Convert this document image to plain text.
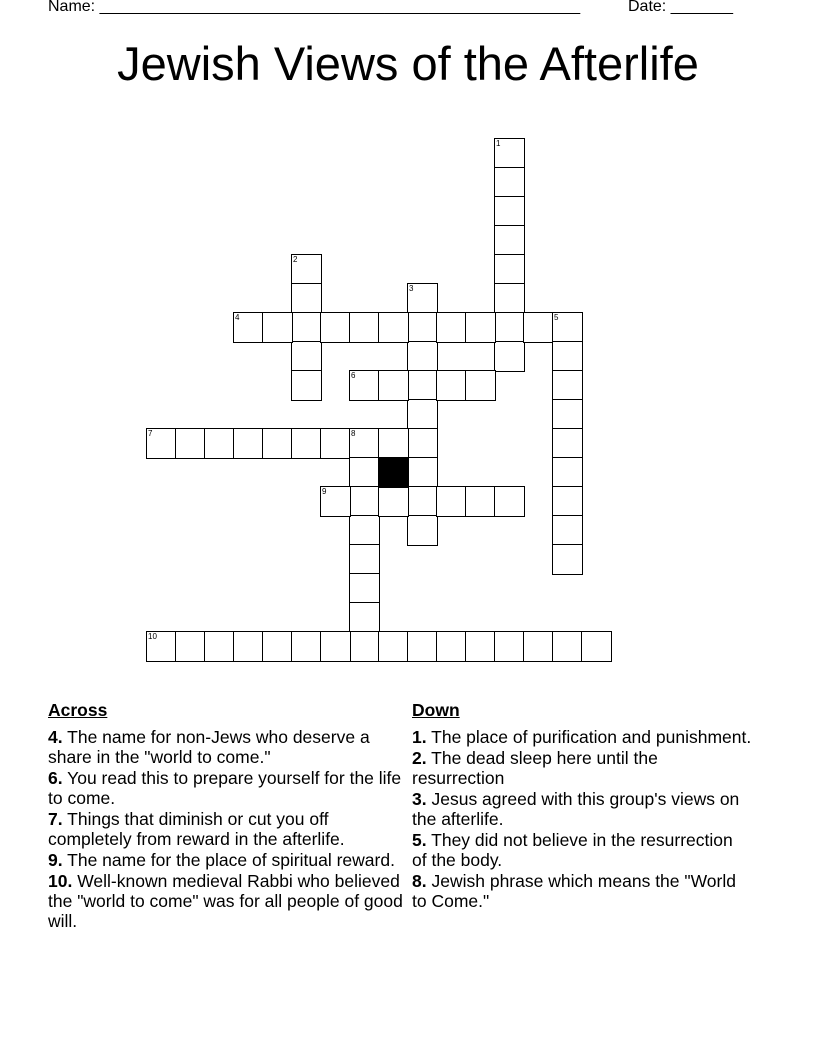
Name: ______________________________________________________	Date: _______
Jewish Views of the Afterlife
1
2
3
4	5
6
7	8
9
10
Across
4. The name for non-Jews who deserve a share in the "world to come."
6. You read this to prepare yourself for the life to come.
7. Things that diminish or cut you off completely from reward in the afterlife.
9. The name for the place of spiritual reward.
10. Well-known medieval Rabbi who believed the "world to come" was for all people of good will.
Down
1. The place of purification and punishment.
2. The dead sleep here until the resurrection
3. Jesus agreed with this group's views on the afterlife.
5. They did not believe in the resurrection of the body.
8. Jewish phrase which means the "World to Come."
